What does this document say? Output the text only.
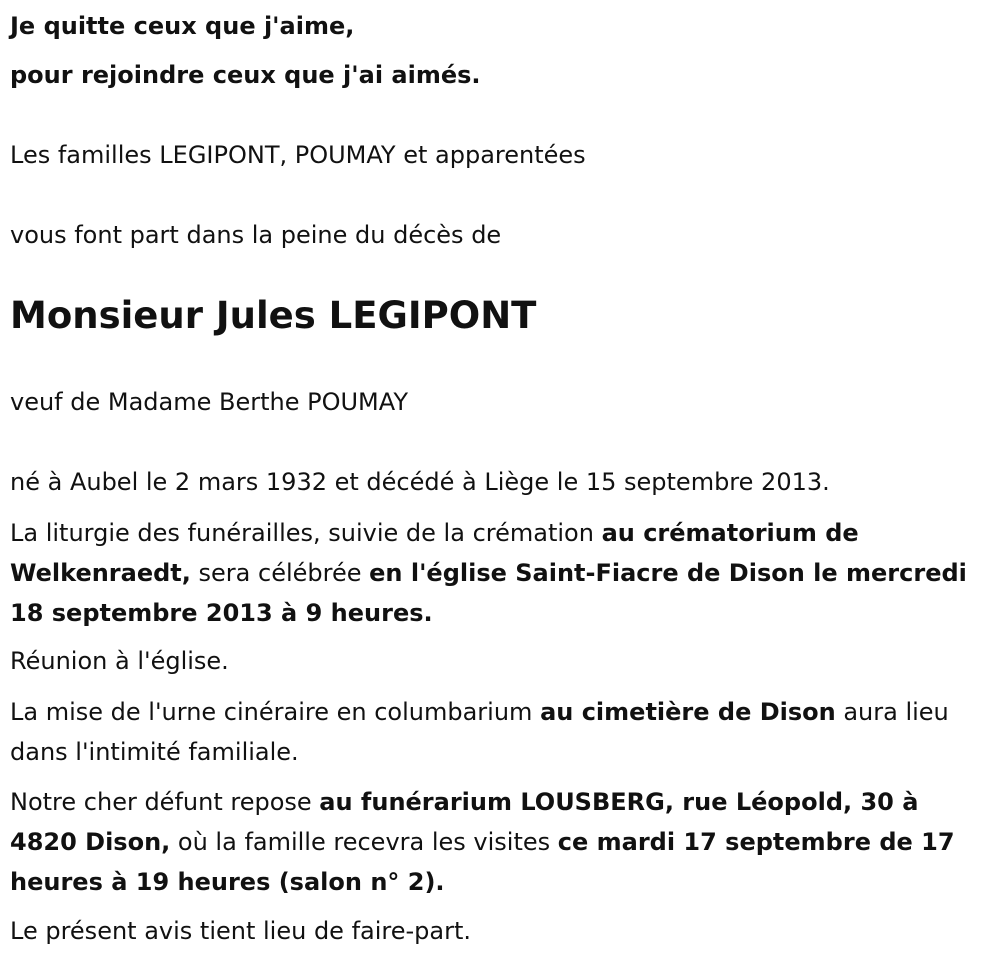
Je quitte ceux que j'aime,

pour rejoindre ceux que j'ai aimés.

Les familles LEGIPONT, POUMAY et apparentées

vous font part dans la peine du décès de

Monsieur Jules LEGIPONT

veuf de Madame Berthe POUMAY

né à Aubel le 2 mars 1932 et décédé à Liège le 15 septembre 2013.

La liturgie des funérailles, suivie de la crémation au crématorium de Welkenraedt, sera célébrée en l'église Saint-Fiacre de Dison le mercredi 18 septembre 2013 à 9 heures.

Réunion à l'église.

La mise de l'urne cinéraire en columbarium au cimetière de Dison aura lieu dans l'intimité familiale.

Notre cher défunt repose au funérarium LOUSBERG, rue Léopold, 30 à 4820 Dison, où la famille recevra les visites ce mardi 17 septembre de 17 heures à 19 heures (salon n° 2).

Le présent avis tient lieu de faire-part.
